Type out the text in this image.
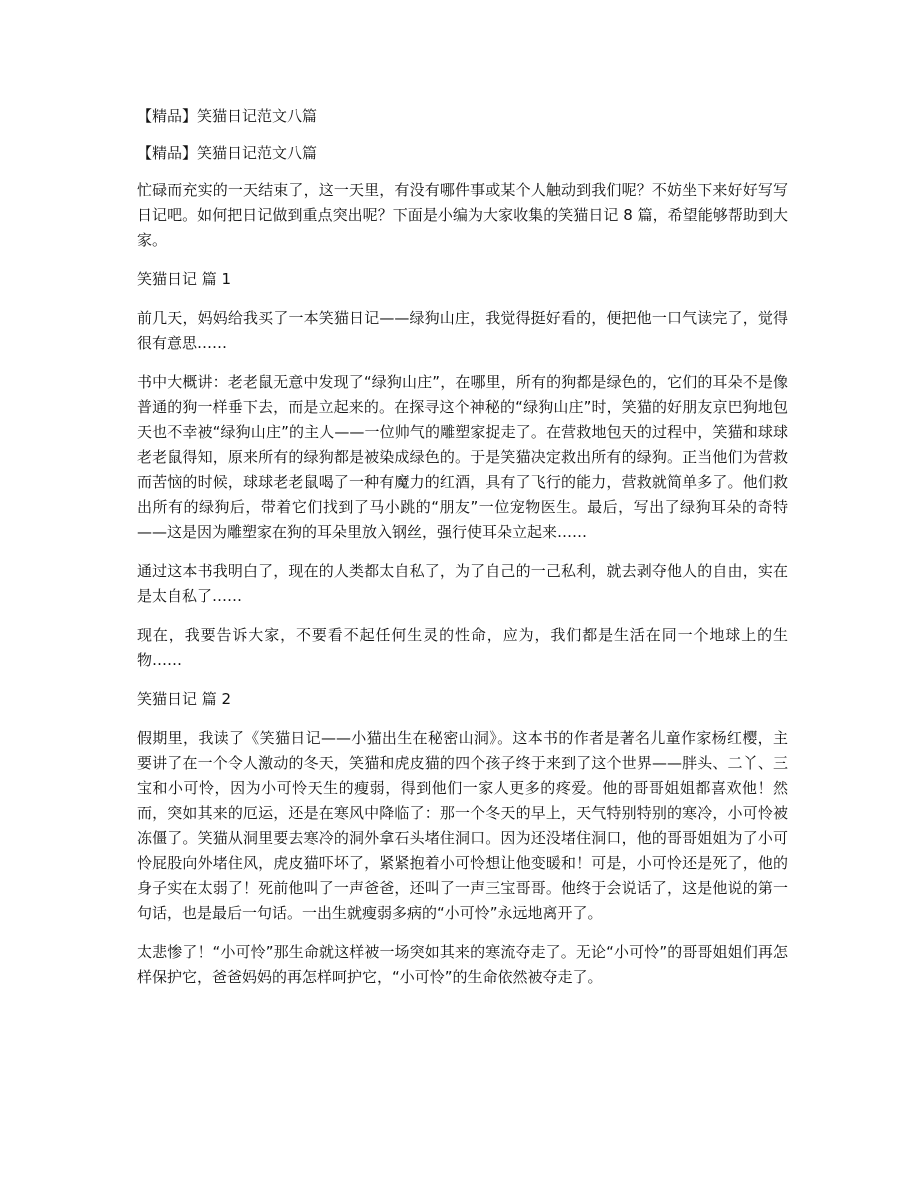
【精品】笑猫日记范文八篇
【精品】笑猫日记范文八篇

忙碌而充实的一天结束了，这一天里，有没有哪件事或某个人触动到我们呢？不妨坐下来好好写写日记吧。如何把日记做到重点突出呢？下面是小编为大家收集的笑猫日记 8 篇，希望能够帮助到大家。

笑猫日记 篇 1

前几天，妈妈给我买了一本笑猫日记——绿狗山庄，我觉得挺好看的，便把他一口气读完了，觉得很有意思……

书中大概讲：老老鼠无意中发现了“绿狗山庄”，在哪里，所有的狗都是绿色的，它们的耳朵不是像普通的狗一样垂下去，而是立起来的。在探寻这个神秘的“绿狗山庄”时，笑猫的好朋友京巴狗地包天也不幸被“绿狗山庄”的主人——一位帅气的雕塑家捉走了。在营救地包天的过程中，笑猫和球球老老鼠得知，原来所有的绿狗都是被染成绿色的。于是笑猫决定救出所有的绿狗。正当他们为营救而苦恼的时候，球球老老鼠喝了一种有魔力的红酒，具有了飞行的能力，营救就简单多了。他们救出所有的绿狗后，带着它们找到了马小跳的“朋友”一位宠物医生。最后，写出了绿狗耳朵的奇特——这是因为雕塑家在狗的耳朵里放入钢丝，强行使耳朵立起来……

通过这本书我明白了，现在的人类都太自私了，为了自己的一己私利，就去剥夺他人的自由，实在是太自私了……

现在，我要告诉大家，不要看不起任何生灵的性命，应为，我们都是生活在同一个地球上的生物……

笑猫日记 篇 2

假期里，我读了《笑猫日记——小猫出生在秘密山洞》。这本书的作者是著名儿童作家杨红樱，主要讲了在一个令人激动的冬天，笑猫和虎皮猫的四个孩子终于来到了这个世界——胖头、二丫、三宝和小可怜，因为小可怜天生的瘦弱，得到他们一家人更多的疼爱。他的哥哥姐姐都喜欢他！然而，突如其来的厄运，还是在寒风中降临了：那一个冬天的早上，天气特别特别的寒冷，小可怜被冻僵了。笑猫从洞里要去寒冷的洞外拿石头堵住洞口。因为还没堵住洞口，他的哥哥姐姐为了小可怜屁股向外堵住风，虎皮猫吓坏了，紧紧抱着小可怜想让他变暖和！可是，小可怜还是死了，他的身子实在太弱了！死前他叫了一声爸爸，还叫了一声三宝哥哥。他终于会说话了，这是他说的第一句话，也是最后一句话。一出生就瘦弱多病的“小可怜”永远地离开了。

太悲惨了！“小可怜”那生命就这样被一场突如其来的寒流夺走了。无论“小可怜”的哥哥姐姐们再怎样保护它，爸爸妈妈的再怎样呵护它，“小可怜”的生命依然被夺走了。
